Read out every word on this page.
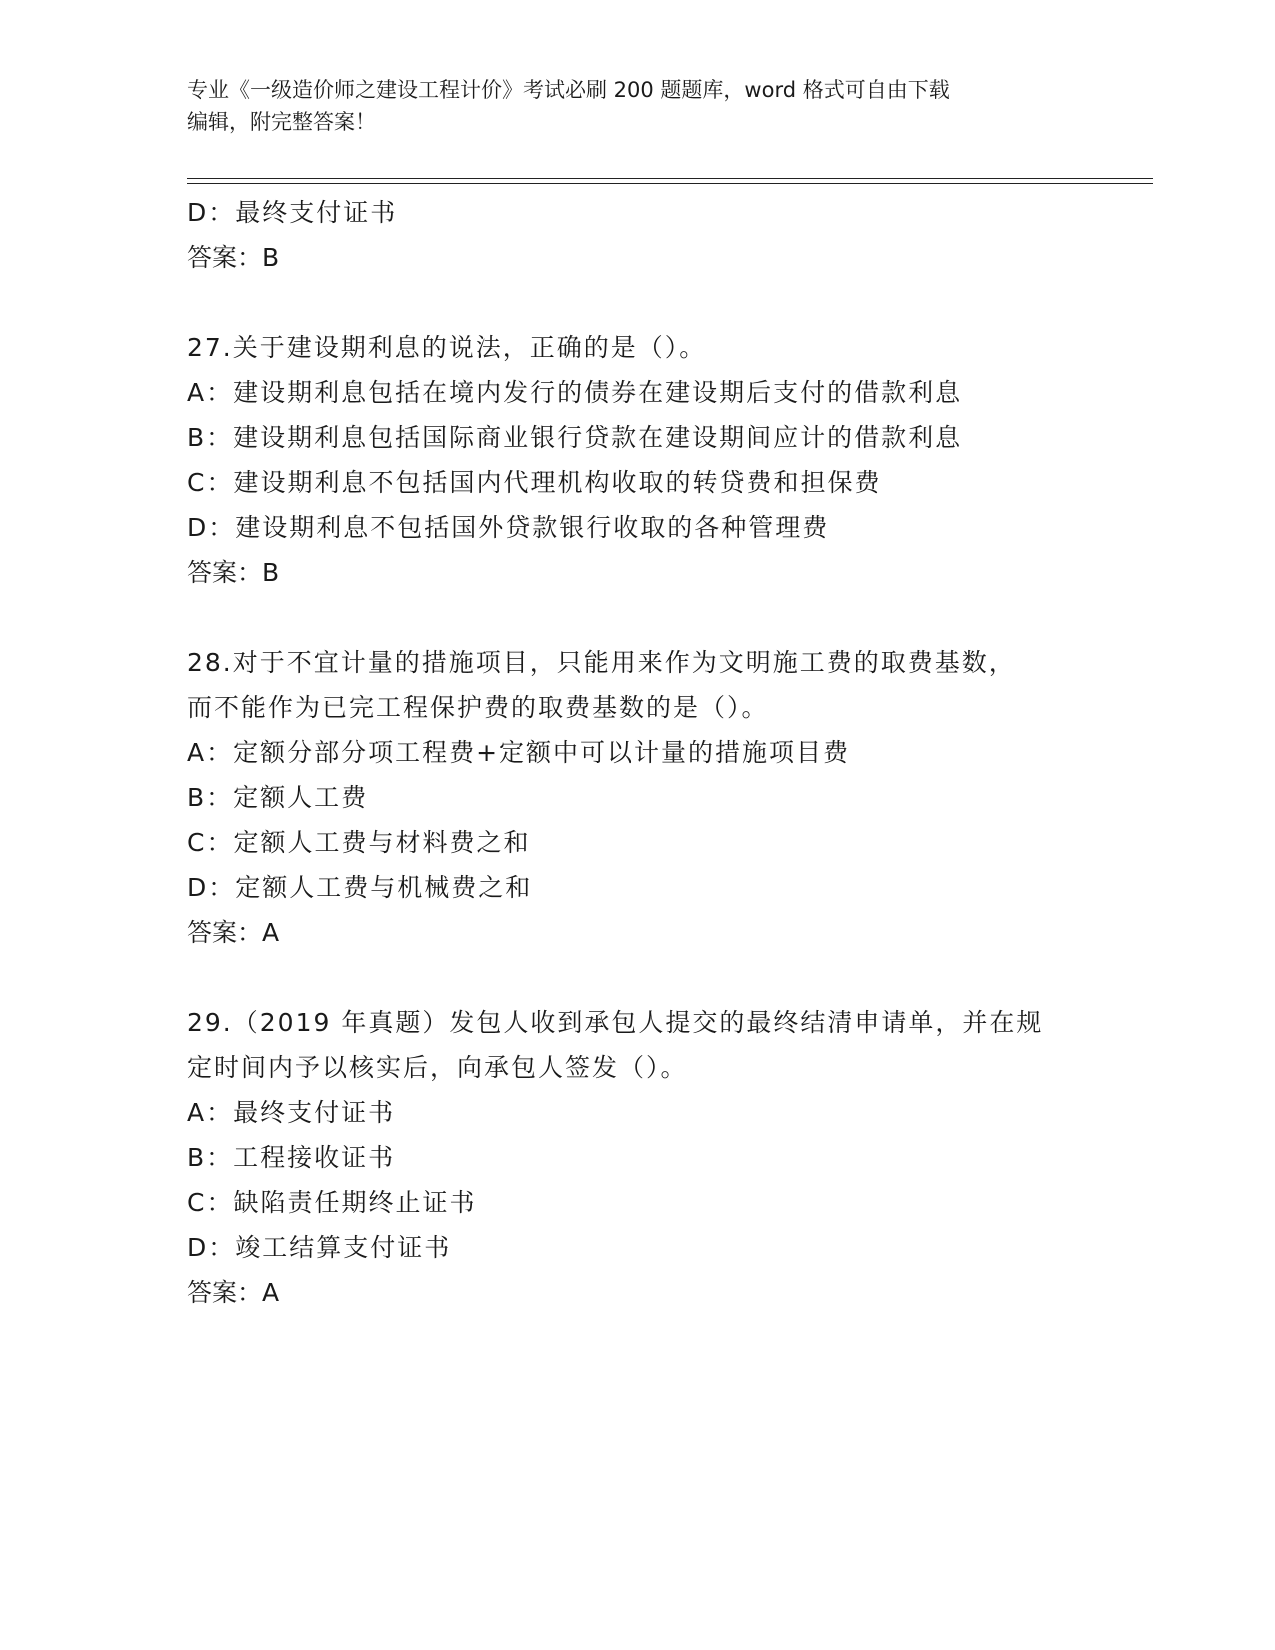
专业《一级造价师之建设工程计价》考试必刷 200 题题库，word 格式可自由下载
编辑，附完整答案！
D：最终支付证书
答案：B
27.关于建设期利息的说法，正确的是（）。
A：建设期利息包括在境内发行的债券在建设期后支付的借款利息
B：建设期利息包括国际商业银行贷款在建设期间应计的借款利息
C：建设期利息不包括国内代理机构收取的转贷费和担保费
D：建设期利息不包括国外贷款银行收取的各种管理费
答案：B
28.对于不宜计量的措施项目，只能用来作为文明施工费的取费基数，
而不能作为已完工程保护费的取费基数的是（）。
A：定额分部分项工程费+定额中可以计量的措施项目费
B：定额人工费
C：定额人工费与材料费之和
D：定额人工费与机械费之和
答案：A
29.（2019 年真题）发包人收到承包人提交的最终结清申请单，并在规
定时间内予以核实后，向承包人签发（）。
A：最终支付证书
B：工程接收证书
C：缺陷责任期终止证书
D：竣工结算支付证书
答案：A
